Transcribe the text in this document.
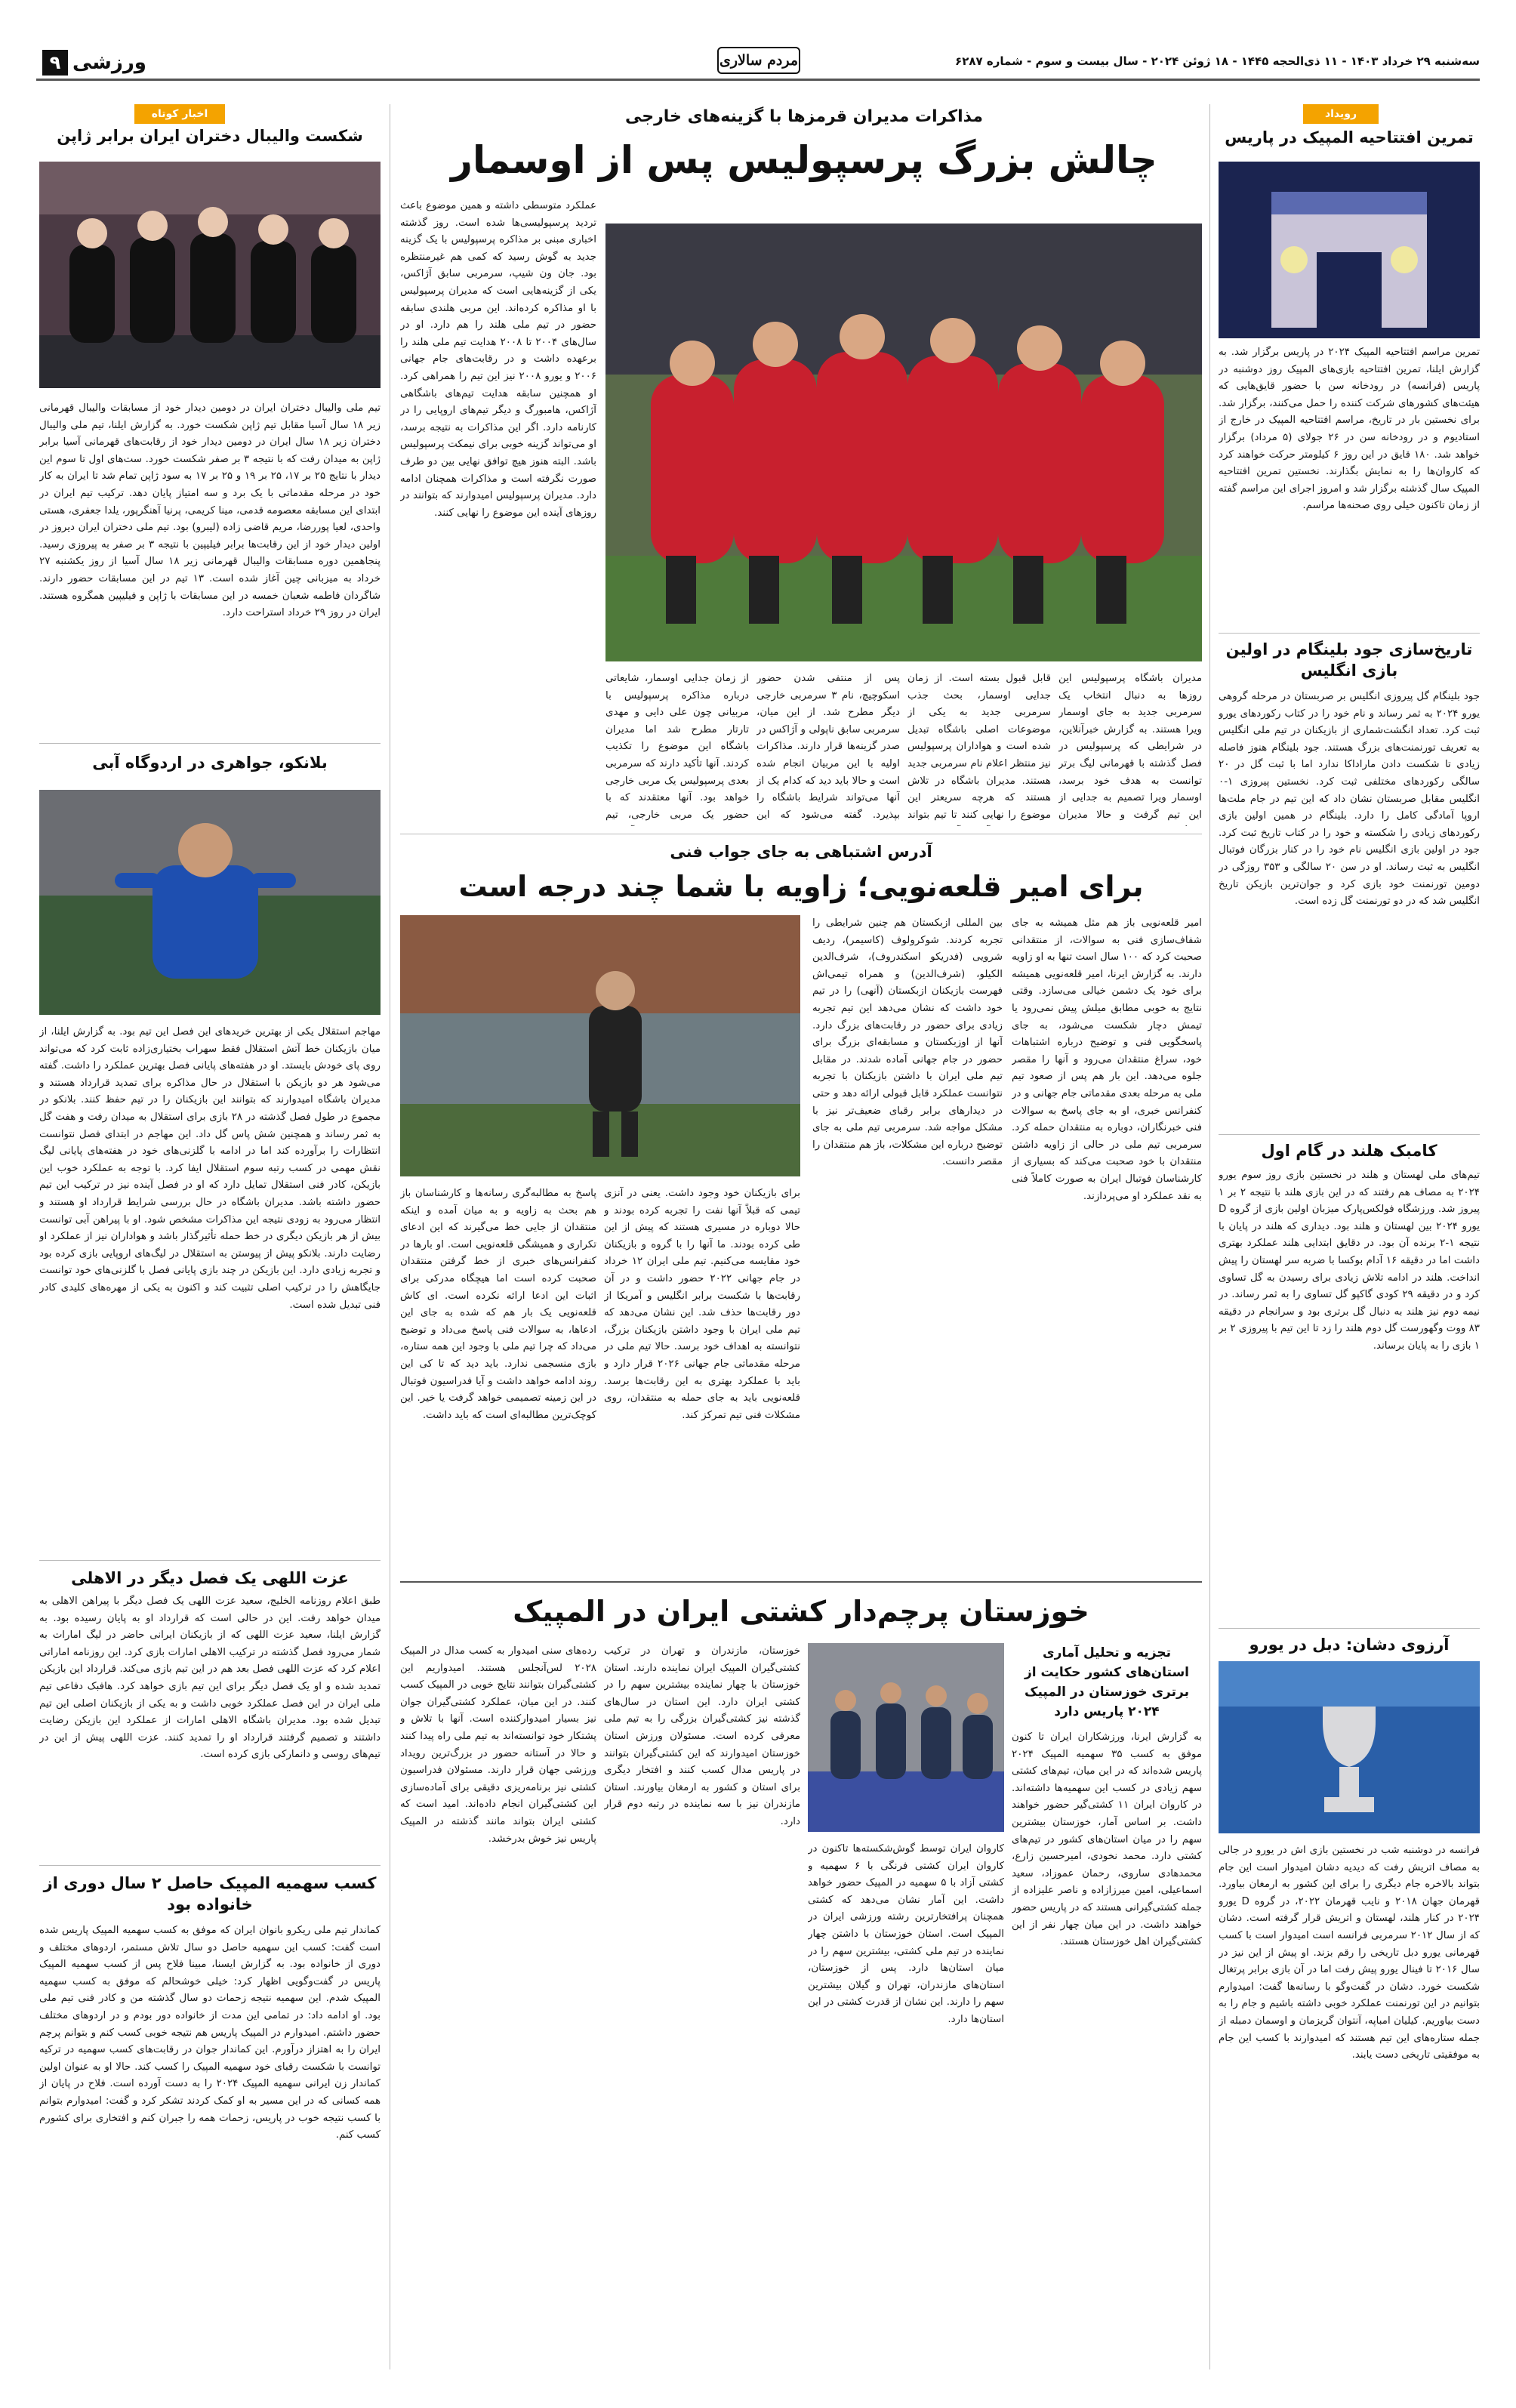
سه‌شنبه ۲۹ خرداد ۱۴۰۳ - ۱۱ ذی‌الحجه ۱۴۴۵ - ۱۸ ژوئن ۲۰۲۴ - سال بیست و سوم - شماره ۶۲۸۷
مردم سالاری
ورزشی
۹
اخبار کوتاه
شکست والیبال دختران ایران برابر ژاپن

تیم ملی والیبال دختران ایران در دومین دیدار خود از مسابقات والیبال قهرمانی زیر ۱۸ سال آسیا مقابل تیم ژاپن شکست خورد. به گزارش ایلنا، تیم ملی والیبال دختران زیر ۱۸ سال ایران در دومین دیدار خود از رقابت‌های قهرمانی آسیا برابر ژاپن به میدان رفت که با نتیجه ۳ بر صفر شکست خورد. ست‌های اول تا سوم این دیدار با نتایج ۲۵ بر ۱۷، ۲۵ بر ۱۹ و ۲۵ بر ۱۷ به سود ژاپن تمام شد تا ایران به کار خود در مرحله مقدماتی با یک برد و سه امتیاز پایان دهد. ترکیب تیم ایران در ابتدای این مسابقه معصومه قدمی، مینا کریمی، پرنیا آهنگرپور، یلدا جعفری، هستی واحدی، لعیا پوررضا، مریم قاضی زاده (لیبرو) بود. تیم ملی دختران ایران دیروز در اولین دیدار خود از این رقابت‌ها برابر فیلیپین با نتیجه ۳ بر صفر به پیروزی رسید. پنجاهمین دوره مسابقات والیبال قهرمانی زیر ۱۸ سال آسیا از روز یکشنبه ۲۷ خرداد به میزبانی چین آغاز شده است. ۱۳ تیم در این مسابقات حضور دارند. شاگردان فاطمه شعبان خمسه در این مسابقات با ژاپن و فیلیپین همگروه هستند. ایران در روز ۲۹ خرداد استراحت دارد.

بلانکو، جواهری در اردوگاه آبی

مهاجم استقلال یکی از بهترین خریدهای این فصل این تیم بود. به گزارش ایلنا، از میان بازیکنان خط آتش استقلال فقط سهراب بختیاری‌زاده ثابت کرد که می‌تواند روی پای خودش بایستد. او در هفته‌های پایانی فصل بهترین عملکرد را داشت. گفته می‌شود هر دو بازیکن با استقلال در حال مذاکره برای تمدید قرارداد هستند و مدیران باشگاه امیدوارند که بتوانند این بازیکنان را در تیم حفظ کنند. بلانکو در مجموع در طول فصل گذشته در ۲۸ بازی برای استقلال به میدان رفت و هفت گل به ثمر رساند و همچنین شش پاس گل داد. این مهاجم در ابتدای فصل نتوانست انتظارات را برآورده کند اما در ادامه با گلزنی‌های خود در هفته‌های پایانی لیگ نقش مهمی در کسب رتبه سوم استقلال ایفا کرد. با توجه به عملکرد خوب این بازیکن، کادر فنی استقلال تمایل دارد که او در فصل آینده نیز در ترکیب این تیم حضور داشته باشد. مدیران باشگاه در حال بررسی شرایط قرارداد او هستند و انتظار می‌رود به زودی نتیجه این مذاکرات مشخص شود. او با پیراهن آبی توانست بیش از هر بازیکن دیگری در خط حمله تأثیرگذار باشد و هواداران نیز از عملکرد او رضایت دارند. بلانکو پیش از پیوستن به استقلال در لیگ‌های اروپایی بازی کرده بود و تجربه زیادی دارد. این بازیکن در چند بازی پایانی فصل با گلزنی‌های خود توانست جایگاهش را در ترکیب اصلی تثبیت کند و اکنون به یکی از مهره‌های کلیدی کادر فنی تبدیل شده است.

عزت اللهی یک فصل دیگر در الاهلی

طبق اعلام روزنامه الخلیج، سعید عزت اللهی یک فصل دیگر با پیراهن الاهلی به میدان خواهد رفت. این در حالی است که قرارداد او به پایان رسیده بود. به گزارش ایلنا، سعید عزت اللهی که از بازیکنان ایرانی حاضر در لیگ امارات به شمار می‌رود فصل گذشته در ترکیب الاهلی امارات بازی کرد. این روزنامه اماراتی اعلام کرد که عزت اللهی فصل بعد هم در این تیم بازی می‌کند. قرارداد این بازیکن تمدید شده و او یک فصل دیگر برای این تیم بازی خواهد کرد. هافبک دفاعی تیم ملی ایران در این فصل عملکرد خوبی داشت و به یکی از بازیکنان اصلی این تیم تبدیل شده بود. مدیران باشگاه الاهلی امارات از عملکرد این بازیکن رضایت داشتند و تصمیم گرفتند قرارداد او را تمدید کنند. عزت اللهی پیش از این در تیم‌های روسی و دانمارکی بازی کرده است.

کسب سهمیه المپیک حاصل ۲ سال دوری از خانواده بود

کماندار تیم ملی ریکرو بانوان ایران که موفق به کسب سهمیه المپیک پاریس شده است گفت: کسب این سهمیه حاصل دو سال تلاش مستمر، اردوهای مختلف و دوری از خانواده بود. به گزارش ایسنا، مبینا فلاح پس از کسب سهمیه المپیک پاریس در گفت‌وگویی اظهار کرد: خیلی خوشحالم که موفق به کسب سهمیه المپیک شدم. این سهمیه نتیجه زحمات دو سال گذشته من و کادر فنی تیم ملی بود. او ادامه داد: در تمامی این مدت از خانواده دور بودم و در اردوهای مختلف حضور داشتم. امیدوارم در المپیک پاریس هم نتیجه خوبی کسب کنم و بتوانم پرچم ایران را به اهتزاز درآورم. این کماندار جوان در رقابت‌های کسب سهمیه در ترکیه توانست با شکست رقبای خود سهمیه المپیک را کسب کند. حالا او به عنوان اولین کماندار زن ایرانی سهمیه المپیک ۲۰۲۴ را به دست آورده است. فلاح در پایان از همه کسانی که در این مسیر به او کمک کردند تشکر کرد و گفت: امیدوارم بتوانم با کسب نتیجه خوب در پاریس، زحمات همه را جبران کنم و افتخاری برای کشورم کسب کنم.

مذاکرات مدیران قرمزها با گزینه‌های خارجی
چالش بزرگ پرسپولیس پس از اوسمار

عملکرد متوسطی داشته و همین موضوع باعث تردید پرسپولیسی‌ها شده است. روز گذشته اخباری مبنی بر مذاکره پرسپولیس با یک گزینه جدید به گوش رسید که کمی هم غیرمنتظره بود. جان ون شیپ، سرمربی سابق آژاکس، یکی از گزینه‌هایی است که مدیران پرسپولیس با او مذاکره کرده‌اند. این مربی هلندی سابقه حضور در تیم ملی هلند را هم دارد. او در سال‌های ۲۰۰۴ تا ۲۰۰۸ هدایت تیم ملی هلند را برعهده داشت و در رقابت‌های جام جهانی ۲۰۰۶ و یورو ۲۰۰۸ نیز این تیم را همراهی کرد. او همچنین سابقه هدایت تیم‌های باشگاهی آژاکس، هامبورگ و دیگر تیم‌های اروپایی را در کارنامه دارد. اگر این مذاکرات به نتیجه برسد، او می‌تواند گزینه خوبی برای نیمکت پرسپولیس باشد. البته هنوز هیچ توافق نهایی بین دو طرف صورت نگرفته است و مذاکرات همچنان ادامه دارد. مدیران پرسپولیس امیدوارند که بتوانند در روزهای آینده این موضوع را نهایی کنند.

از زمان جدایی اوسمار، شایعاتی درباره مذاکره پرسپولیس با مربیانی چون علی دایی و مهدی تارتار مطرح شد اما مدیران باشگاه این موضوع را تکذیب کردند. آنها تأکید دارند که سرمربی بعدی پرسپولیس یک مربی خارجی خواهد بود. آنها معتقدند که با حضور یک مربی خارجی، تیم

پس از منتفی شدن حضور اسکوچیچ، نام ۳ سرمربی خارجی دیگر مطرح شد. از این میان، سرمربی سابق ناپولی و آژاکس در صدر گزینه‌ها قرار دارند. مذاکرات اولیه با این مربیان انجام شده است و حالا باید دید که کدام یک از آنها می‌تواند شرایط باشگاه را بپذیرد. گفته می‌شود که این

قابل قبول بسته است. از زمان جدایی اوسمار، بحث جذب سرمربی جدید به یکی از موضوعات اصلی باشگاه تبدیل شده است و هواداران پرسپولیس نیز منتظر اعلام نام سرمربی جدید هستند. مدیران باشگاه در تلاش هستند که هرچه سریعتر این موضوع را نهایی کنند تا تیم بتواند

مدیران باشگاه پرسپولیس این روزها به دنبال انتخاب یک سرمربی جدید به جای اوسمار ویرا هستند. به گزارش خبرآنلاین، در شرایطی که پرسپولیس در فصل گذشته با قهرمانی لیگ برتر توانست به هدف خود برسد، اوسمار ویرا تصمیم به جدایی از این تیم گرفت و حالا مدیران

آدرس اشتباهی به جای جواب فنی
برای امیر قلعه‌نویی؛ زاویه با شما چند درجه است

امیر قلعه‌نویی باز هم مثل همیشه به جای شفاف‌سازی فنی به سوالات، از منتقدانی صحبت کرد که ۱۰۰ سال است تنها به او زاویه دارند. به گزارش ایرنا، امیر قلعه‌نویی همیشه برای خود یک دشمن خیالی می‌سازد. وقتی نتایج به خوبی مطابق میلش پیش نمی‌رود یا تیمش دچار شکست می‌شود، به جای پاسخگویی فنی و توضیح درباره اشتباهات خود، سراغ منتقدان می‌رود و آنها را مقصر جلوه می‌دهد. این بار هم پس از صعود تیم ملی به مرحله بعدی مقدماتی جام جهانی و در کنفرانس خبری، او به جای پاسخ به سوالات فنی خبرنگاران، دوباره به منتقدان حمله کرد. سرمربی تیم ملی در حالی از زاویه داشتن منتقدان با خود صحبت می‌کند که بسیاری از کارشناسان فوتبال ایران به صورت کاملاً فنی به نقد عملکرد او می‌پردازند.

بین المللی ازبکستان هم چنین شرایطی را تجربه کردند. شوکرولوف (کاسیمر)، ردیف شرویی (فدریکو اسکندروف)، شرف‌الدین الکیلو، (شرف‌الدین) و همراه تیمی‌اش فهرست بازیکنان ازبکستان (آنهی) را در تیم خود داشت که نشان می‌دهد این تیم تجربه زیادی برای حضور در رقابت‌های بزرگ دارد. آنها از اوزبکستان و مسابقه‌ای بزرگ برای حضور در جام جهانی آماده شدند. در مقابل تیم ملی ایران با داشتن بازیکنان با تجربه نتوانست عملکرد قابل قبولی ارائه دهد و حتی در دیدارهای برابر رقبای ضعیف‌تر نیز با مشکل مواجه شد. سرمربی تیم ملی به جای توضیح درباره این مشکلات، باز هم منتقدان را مقصر دانست.

برای بازیکنان خود وجود داشت. یعنی در آنزی تیمی که قبلاً آنها نفت را تجربه کرده بودند و حالا دوباره در مسیری هستند که پیش از این طی کرده بودند. ما آنها را با گروه و بازیکنان خود مقایسه می‌کنیم. تیم ملی ایران ۱۲ خرداد در جام جهانی ۲۰۲۲ حضور داشت و در آن رقابت‌ها با شکست برابر انگلیس و آمریکا از دور رقابت‌ها حذف شد. این نشان می‌دهد که تیم ملی ایران با وجود داشتن بازیکنان بزرگ، نتوانسته به اهداف خود برسد. حالا تیم ملی در مرحله مقدماتی جام جهانی ۲۰۲۶ قرار دارد و باید با عملکرد بهتری به این رقابت‌ها برسد. قلعه‌نویی باید به جای حمله به منتقدان، روی مشکلات فنی تیم تمرکز کند.

پاسخ به مطالبه‌گری رسانه‌ها و کارشناسان باز هم بحث به زاویه و به میان آمده و اینکه منتقدان از جایی خط می‌گیرند که این ادعای تکراری و همیشگی قلعه‌نویی است. او بارها در کنفرانس‌های خبری از خط گرفتن منتقدان صحبت کرده است اما هیچگاه مدرکی برای اثبات این ادعا ارائه نکرده است. ای کاش قلعه‌نویی یک بار هم که شده به جای این ادعاها، به سوالات فنی پاسخ می‌داد و توضیح می‌داد که چرا تیم ملی با وجود این همه ستاره، بازی منسجمی ندارد. باید دید که تا کی این روند ادامه خواهد داشت و آیا فدراسیون فوتبال در این زمینه تصمیمی خواهد گرفت یا خیر. این کوچک‌ترین مطالبه‌ای است که باید داشت.

خوزستان پرچم‌دار کشتی ایران در المپیک
تجزیه و تحلیل آماری استان‌های کشور حکایت از برتری خوزستان در المپیک ۲۰۲۴ پاریس دارد

به گزارش ایرنا، ورزشکاران ایران تا کنون موفق به کسب ۳۵ سهمیه المپیک ۲۰۲۴ پاریس شده‌اند که در این میان، تیم‌های کشتی سهم زیادی در کسب این سهمیه‌ها داشته‌اند. در کاروان ایران ۱۱ کشتی‌گیر حضور خواهند داشت. بر اساس آمار، خوزستان بیشترین سهم را در میان استان‌های کشور در تیم‌های کشتی دارد. محمد نخودی، امیرحسین زارع، محمدهادی ساروی، رحمان عموزاد، سعید اسماعیلی، امین میرزازاده و ناصر علیزاده از جمله کشتی‌گیرانی هستند که در پاریس حضور خواهند داشت. در این میان چهار نفر از این کشتی‌گیران اهل خوزستان هستند.

کاروان ایران توسط گوش‌شکسته‌ها تاکنون در کاروان ایران کشتی فرنگی با ۶ سهمیه و کشتی آزاد با ۵ سهمیه در المپیک حضور خواهد داشت. این آمار نشان می‌دهد که کشتی همچنان پرافتخارترین رشته ورزشی ایران در المپیک است. استان خوزستان با داشتن چهار نماینده در تیم ملی کشتی، بیشترین سهم را در میان استان‌ها دارد. پس از خوزستان، استان‌های مازندران، تهران و گیلان بیشترین سهم را دارند. این نشان از قدرت کشتی در این استان‌ها دارد.

خوزستان، مازندران و تهران در ترکیب کشتی‌گیران المپیک ایران نماینده دارند. استان خوزستان با چهار نماینده بیشترین سهم را در کشتی ایران دارد. این استان در سال‌های گذشته نیز کشتی‌گیران بزرگی را به تیم ملی معرفی کرده است. مسئولان ورزش استان خوزستان امیدوارند که این کشتی‌گیران بتوانند در پاریس مدال کسب کنند و افتخار دیگری برای استان و کشور به ارمغان بیاورند. استان مازندران نیز با سه نماینده در رتبه دوم قرار دارد.

رده‌های سنی امیدوار به کسب مدال در المپیک ۲۰۲۸ لس‌آنجلس هستند. امیدواریم این کشتی‌گیران بتوانند نتایج خوبی در المپیک کسب کنند. در این میان، عملکرد کشتی‌گیران جوان نیز بسیار امیدوارکننده است. آنها با تلاش و پشتکار خود توانسته‌اند به تیم ملی راه پیدا کنند و حالا در آستانه حضور در بزرگ‌ترین رویداد ورزشی جهان قرار دارند. مسئولان فدراسیون کشتی نیز برنامه‌ریزی دقیقی برای آماده‌سازی این کشتی‌گیران انجام داده‌اند. امید است که کشتی ایران بتواند مانند گذشته در المپیک پاریس نیز خوش بدرخشد.

رویداد
تمرین افتتاحیه المپیک در پاریس

تمرین مراسم افتتاحیه المپیک ۲۰۲۴ در پاریس برگزار شد. به گزارش ایلنا، تمرین افتتاحیه بازی‌های المپیک روز دوشنبه در پاریس (فرانسه) در رودخانه سن با حضور قایق‌هایی که هیئت‌های کشورهای شرکت کننده را حمل می‌کنند، برگزار شد. برای نخستین بار در تاریخ، مراسم افتتاحیه المپیک در خارج از استادیوم و در رودخانه سن در ۲۶ جولای (۵ مرداد) برگزار خواهد شد. ۱۸۰ قایق در این روز ۶ کیلومتر حرکت خواهند کرد که کاروان‌ها را به نمایش بگذارند. نخستین تمرین افتتاحیه المپیک سال گذشته برگزار شد و امروز اجرای این مراسم گفته از زمان تاکنون خیلی روی صحنه‌ها مراسم.

تاریخ‌سازی جود بلینگام در اولین بازی انگلیس

جود بلینگام گل پیروزی انگلیس بر صربستان در مرحله گروهی یورو ۲۰۲۴ به ثمر رساند و نام خود را در کتاب رکوردهای یورو ثبت کرد. تعداد انگشت‌شماری از بازیکنان در تیم ملی انگلیس به تعریف تورنمنت‌های بزرگ هستند. جود بلینگام هنوز فاصله زیادی تا شکست دادن ماراداکا ندارد اما با ثبت گل در ۲۰ سالگی رکوردهای مختلفی ثبت کرد. نخستین پیروزی ۱-۰ انگلیس مقابل صربستان نشان داد که این تیم در جام ملت‌ها اروپا آمادگی کامل را دارد. بلینگام در همین اولین بازی رکوردهای زیادی را شکسته و خود را در کتاب تاریخ ثبت کرد. جود در اولین بازی انگلیس نام خود را در کنار بزرگان فوتبال انگلیس به ثبت رساند. او در سن ۲۰ سالگی و ۳۵۳ روزگی در دومین تورنمنت خود بازی کرد و جوان‌ترین بازیکن تاریخ انگلیس شد که در دو تورنمنت گل زده است.

کامبک هلند در گام اول

تیم‌های ملی لهستان و هلند در نخستین بازی روز سوم یورو ۲۰۲۴ به مصاف هم رفتند که در این بازی هلند با نتیجه ۲ بر ۱ پیروز شد. ورزشگاه فولکس‌پارک میزبان اولین بازی از گروه D یورو ۲۰۲۴ بین لهستان و هلند بود. دیداری که هلند در پایان با نتیجه ۱-۲ برنده آن بود. در دقایق ابتدایی هلند عملکرد بهتری داشت اما در دقیقه ۱۶ آدام بوکسا با ضربه سر لهستان را پیش انداخت. هلند در ادامه تلاش زیادی برای رسیدن به گل تساوی کرد و در دقیقه ۲۹ کودی گاکپو گل تساوی را به ثمر رساند. در نیمه دوم نیز هلند به دنبال گل برتری بود و سرانجام در دقیقه ۸۳ ووت وگهورست گل دوم هلند را زد تا این تیم با پیروزی ۲ بر ۱ بازی را به پایان برساند.

آرزوی دشان: دبل در یورو

فرانسه در دوشنبه شب در نخستین بازی اش در یورو در جالی به مصاف اتریش رفت که دیدیه دشان امیدوار است این جام بتواند بالاخره جام دیگری را برای این کشور به ارمغان بیاورد. قهرمان جهان ۲۰۱۸ و نایب قهرمان ۲۰۲۲، در گروه D یورو ۲۰۲۴ در کنار هلند، لهستان و اتریش قرار گرفته است. دشان که از سال ۲۰۱۲ سرمربی فرانسه است امیدوار است با کسب قهرمانی یورو دبل تاریخی را رقم بزند. او پیش از این نیز در سال ۲۰۱۶ تا فینال یورو پیش رفت اما در آن بازی برابر پرتغال شکست خورد. دشان در گفت‌وگو با رسانه‌ها گفت: امیدوارم بتوانیم در این تورنمنت عملکرد خوبی داشته باشیم و جام را به دست بیاوریم. کیلیان امباپه، آنتوان گریزمان و اوسمان دمبله از جمله ستاره‌های این تیم هستند که امیدوارند با کسب این جام به موفقیتی تاریخی دست یابند.
